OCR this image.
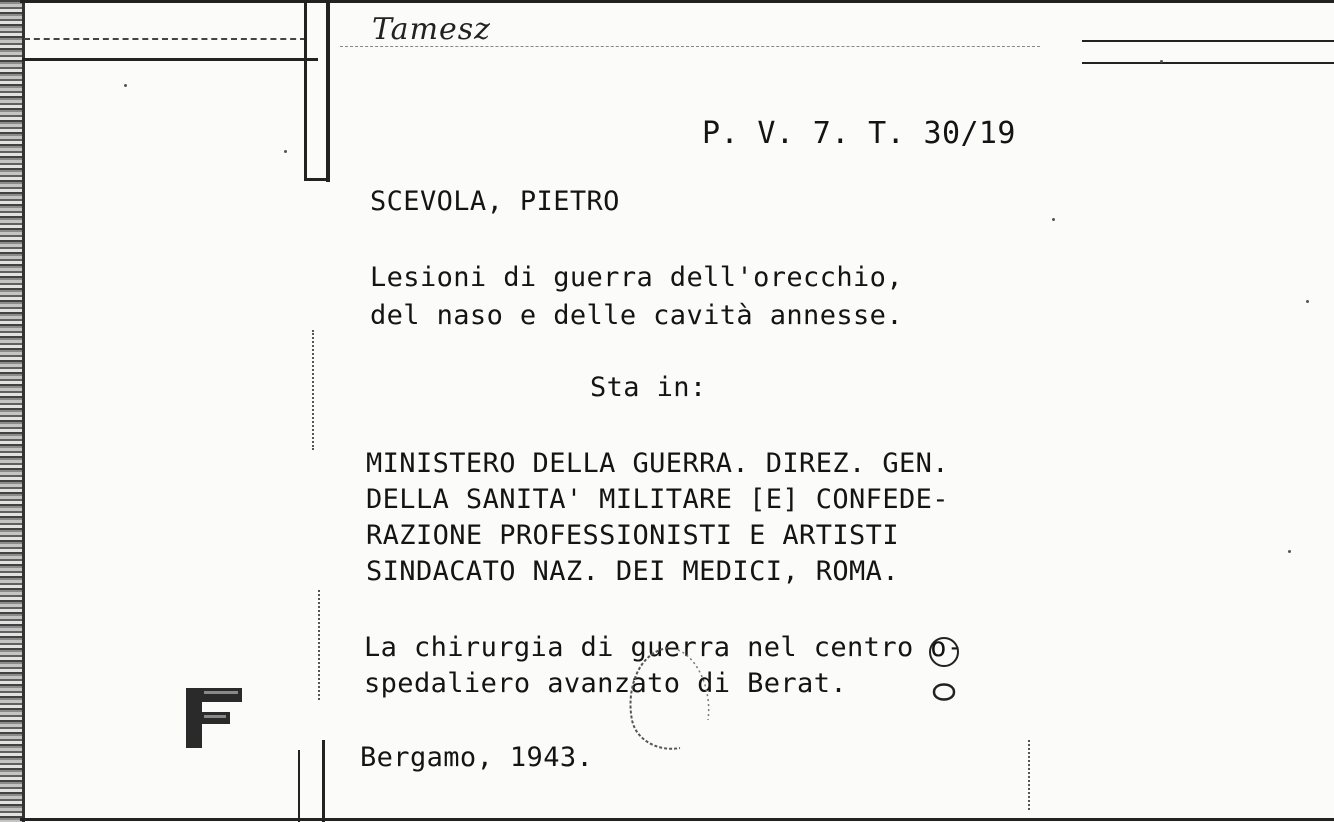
Tamesz
P. V. 7. T. 30/19
SCEVOLA, PIETRO
Lesioni di guerra dell'orecchio,
del naso e delle cavità annesse.
Sta in:
MINISTERO DELLA GUERRA. DIREZ. GEN.
DELLA SANITA' MILITARE [E] CONFEDE-
RAZIONE PROFESSIONISTI E ARTISTI
SINDACATO NAZ. DEI MEDICI, ROMA.
La chirurgia di guerra nel centro o-
spedaliero avanzato di Berat.
Bergamo, 1943.
